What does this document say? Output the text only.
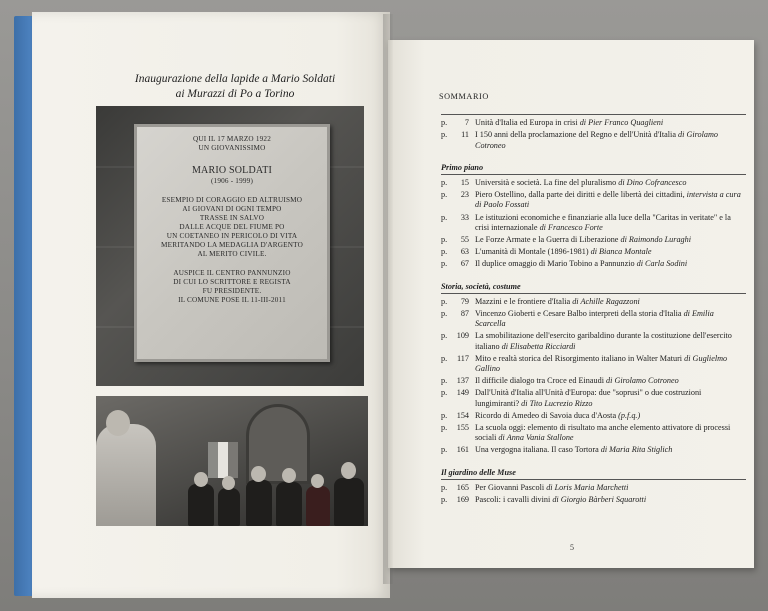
Inaugurazione della lapide a Mario Soldati
ai Murazzi di Po a Torino
QUI IL 17 MARZO 1922
UN GIOVANISSIMO
MARIO SOLDATI
(1906 - 1999)
ESEMPIO DI CORAGGIO ED ALTRUISMO
AI GIOVANI DI OGNI TEMPO
TRASSE IN SALVO
DALLE ACQUE DEL FIUME PO
UN COETANEO IN PERICOLO DI VITA
MERITANDO LA MEDAGLIA D'ARGENTO
AL MERITO CIVILE.
AUSPICE IL CENTRO PANNUNZIO
DI CUI LO SCRITTORE E REGISTA
FU PRESIDENTE.
IL COMUNE POSE IL 11-III-2011
SOMMARIO
p.	7 Unità d'Italia ed Europa in crisi di Pier Franco Quaglieni
p.	11 I 150 anni della proclamazione del Regno e dell'Unità d'Italia di Girolamo Cotroneo
Primo piano
p.	15 Università e società. La fine del pluralismo di Dino Cofrancesco
p.	23 Piero Ostellino, dalla parte dei diritti e delle libertà dei cittadini, intervista a cura di Paolo Fossati
p.	33 Le istituzioni economiche e finanziarie alla luce della "Caritas in veritate" e la crisi internazionale di Francesco Forte
p.	55 Le Forze Armate e la Guerra di Liberazione di Raimondo Luraghi
p.	63 L'umanità di Montale (1896-1981) di Bianca Montale
p.	67 Il duplice omaggio di Mario Tobino a Pannunzio di Carla Sodini
Storia, società, costume
p.	79 Mazzini e le frontiere d'Italia di Achille Ragazzoni
p.	87 Vincenzo Gioberti e Cesare Balbo interpreti della storia d'Italia di Emilia Scarcella
p.	109 La smobilitazione dell'esercito garibaldino durante la costituzione dell'esercito italiano di Elisabetta Ricciardi
p.	117 Mito e realtà storica del Risorgimento italiano in Walter Maturi di Guglielmo Gallino
p.	137 Il difficile dialogo tra Croce ed Einaudi di Girolamo Cotroneo
p.	149 Dall'Unità d'Italia all'Unità d'Europa: due "soprusi" o due costruzioni lungimiranti? di Tito Lucrezio Rizzo
p.	154 Ricordo di Amedeo di Savoia duca d'Aosta (p.f.q.)
p.	155 La scuola oggi: elemento di risultato ma anche elemento attivatore di processi sociali di Anna Vania Stallone
p.	161 Una vergogna italiana. Il caso Tortora di Maria Rita Stiglich
Il giardino delle Muse
p.	165 Per Giovanni Pascoli di Loris Maria Marchetti
p.	169 Pascoli: i cavalli divini di Giorgio Bàrberi Squarotti
5
